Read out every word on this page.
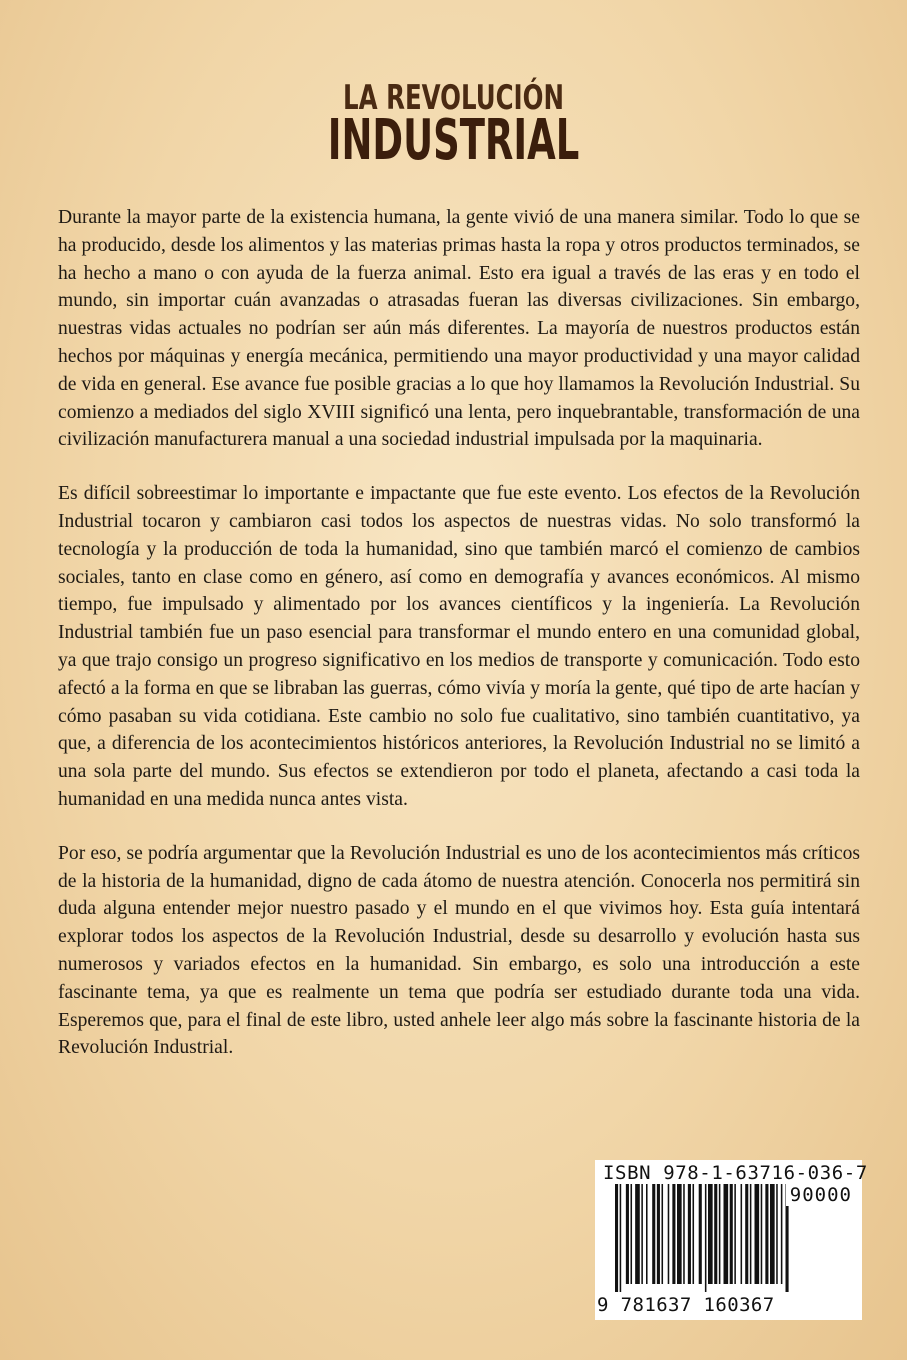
LA REVOLUCIÓN
INDUSTRIAL

Durante la mayor parte de la existencia humana, la gente vivió de una manera similar. Todo lo que se ha producido, desde los alimentos y las materias primas hasta la ropa y otros productos terminados, se ha hecho a mano o con ayuda de la fuerza animal. Esto era igual a través de las eras y en todo el mundo, sin importar cuán avanzadas o atrasadas fueran las diversas civilizaciones. Sin embargo, nuestras vidas actuales no podrían ser aún más diferentes. La mayoría de nuestros productos están hechos por máquinas y energía mecánica, permitiendo una mayor productividad y una mayor calidad de vida en general. Ese avance fue posible gracias a lo que hoy llamamos la Revolución Industrial. Su comienzo a mediados del siglo XVIII significó una lenta, pero inquebrantable, transformación de una civilización manufacturera manual a una sociedad industrial impulsada por la maquinaria.

Es difícil sobreestimar lo importante e impactante que fue este evento. Los efectos de la Revolución Industrial tocaron y cambiaron casi todos los aspectos de nuestras vidas. No solo transformó la tecnología y la producción de toda la humanidad, sino que también marcó el comienzo de cambios sociales, tanto en clase como en género, así como en demografía y avances económicos. Al mismo tiempo, fue impulsado y alimentado por los avances científicos y la ingeniería. La Revolución Industrial también fue un paso esencial para transformar el mundo entero en una comunidad global, ya que trajo consigo un progreso significativo en los medios de transporte y comunicación. Todo esto afectó a la forma en que se libraban las guerras, cómo vivía y moría la gente, qué tipo de arte hacían y cómo pasaban su vida cotidiana. Este cambio no solo fue cualitativo, sino también cuantitativo, ya que, a diferencia de los acontecimientos históricos anteriores, la Revolución Industrial no se limitó a una sola parte del mundo. Sus efectos se extendieron por todo el planeta, afectando a casi toda la humanidad en una medida nunca antes vista.

Por eso, se podría argumentar que la Revolución Industrial es uno de los acontecimientos más críticos de la historia de la humanidad, digno de cada átomo de nuestra atención. Conocerla nos permitirá sin duda alguna entender mejor nuestro pasado y el mundo en el que vivimos hoy. Esta guía intentará explorar todos los aspectos de la Revolución Industrial, desde su desarrollo y evolución hasta sus numerosos y variados efectos en la humanidad. Sin embargo, es solo una introducción a este fascinante tema, ya que es realmente un tema que podría ser estudiado durante toda una vida. Esperemos que, para el final de este libro, usted anhele leer algo más sobre la fascinante historia de la Revolución Industrial.

ISBN 978-1-63716-036-7
90000
9 781637 160367
